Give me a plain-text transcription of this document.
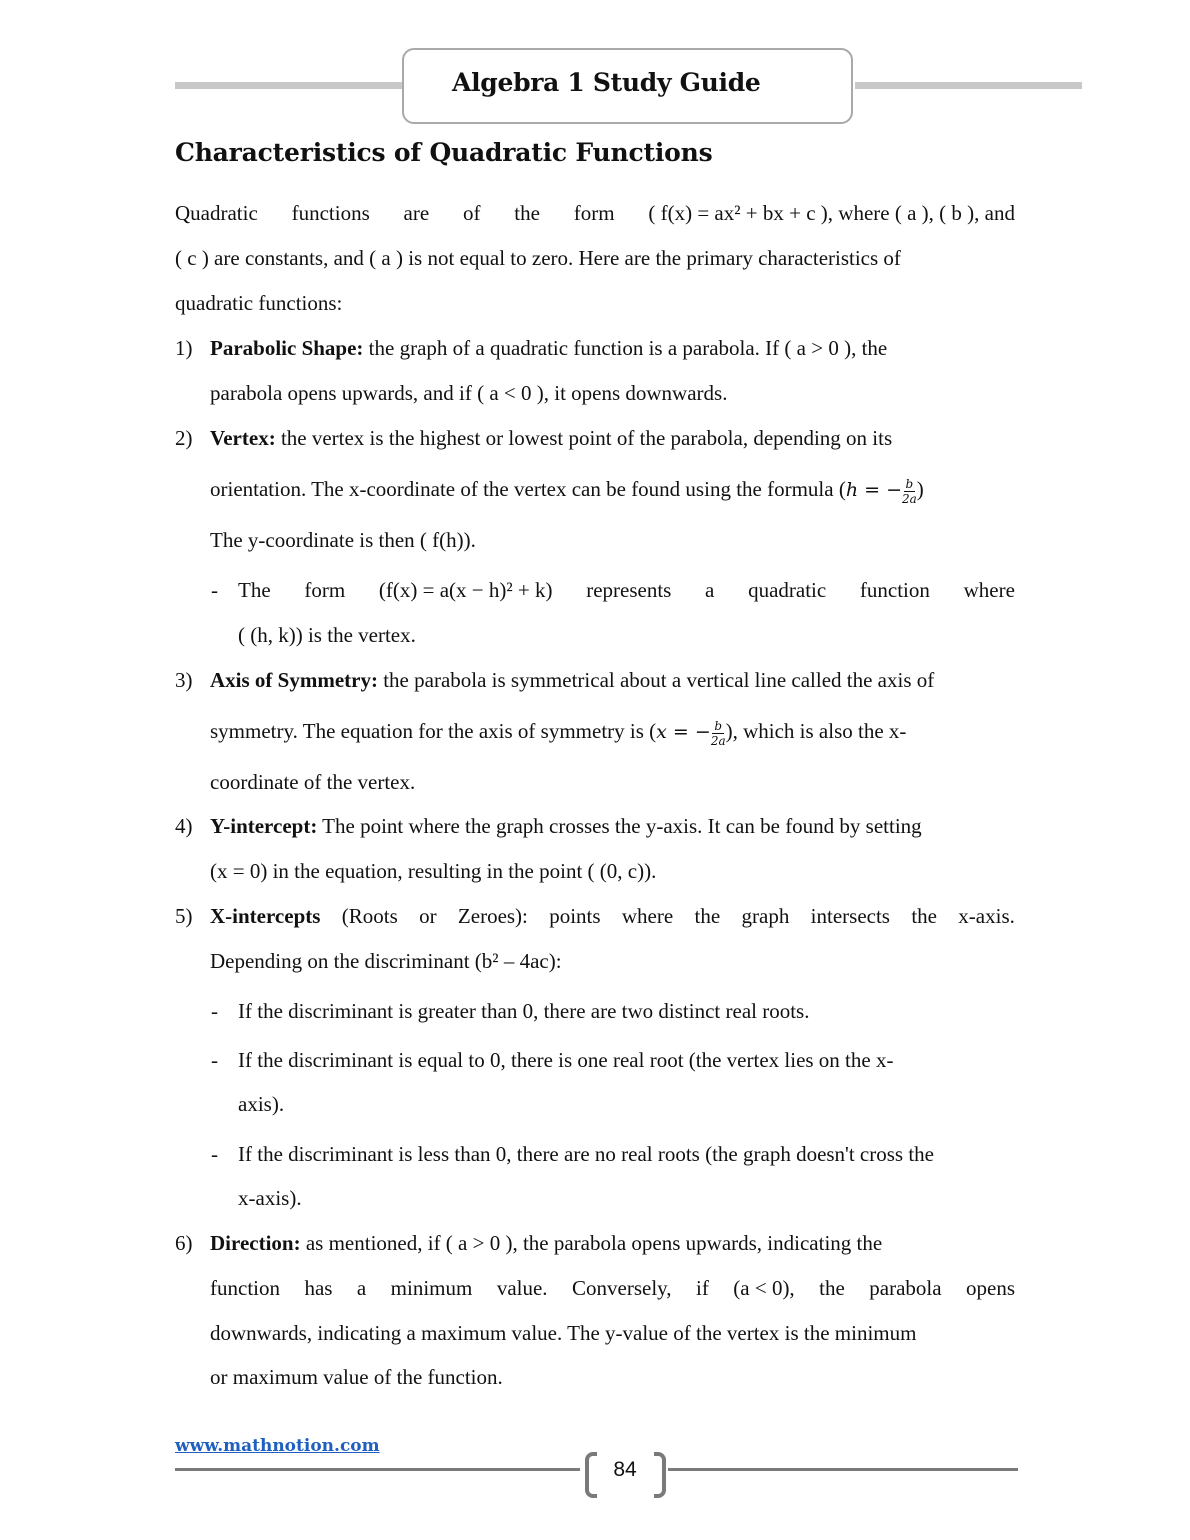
Algebra 1 Study Guide
Characteristics of Quadratic Functions
Quadratic functions are of the form ( f(x) = ax² + bx + c ), where ( a ), ( b ), and
( c ) are constants, and ( a ) is not equal to zero. Here are the primary characteristics of
quadratic functions:
1) Parabolic Shape: the graph of a quadratic function is a parabola. If ( a > 0 ), the
parabola opens upwards, and if ( a < 0 ), it opens downwards.
2) Vertex: the vertex is the highest or lowest point of the parabola, depending on its
orientation. The x-coordinate of the vertex can be found using the formula (h = − $\frac{b}{2a}$ )
The y-coordinate is then ( f(h)).
- The form (f(x) = a(x − h)² + k) represents a quadratic function where
( (h, k)) is the vertex.
3) Axis of Symmetry: the parabola is symmetrical about a vertical line called the axis of
symmetry. The equation for the axis of symmetry is (x = − $\frac{b}{2a}$ ), which is also the x-
coordinate of the vertex.
4) Y-intercept: The point where the graph crosses the y-axis. It can be found by setting
(x = 0) in the equation, resulting in the point ( (0, c)).
5) X-intercepts (Roots or Zeroes): points where the graph intersects the x-axis.
Depending on the discriminant (b² – 4ac):
- If the discriminant is greater than 0, there are two distinct real roots.
- If the discriminant is equal to 0, there is one real root (the vertex lies on the x-
axis).
- If the discriminant is less than 0, there are no real roots (the graph doesn't cross the
x-axis).
6) Direction: as mentioned, if ( a > 0 ), the parabola opens upwards, indicating the
function has a minimum value. Conversely, if (a < 0), the parabola opens
downwards, indicating a maximum value. The y-value of the vertex is the minimum
or maximum value of the function.
www.mathnotion.com
84
